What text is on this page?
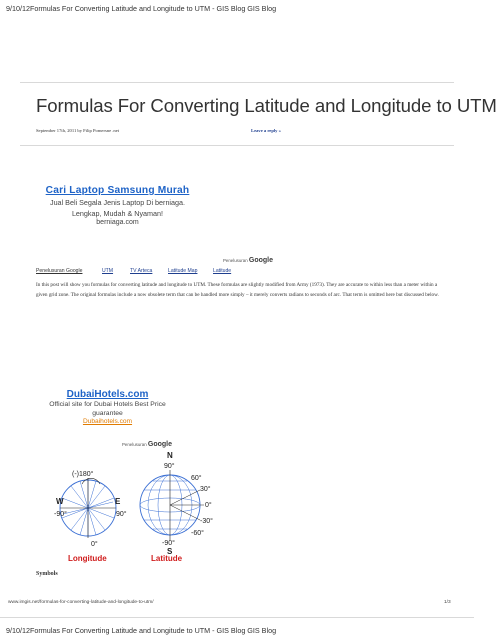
9/10/12Formulas For Converting Latitude and Longitude to UTM - GIS Blog GIS Blog
Formulas For Converting Latitude and Longitude to UTM
September 17th, 2011 by Filip Pomersne .net	Leave a reply »
Cari Laptop Samsung Murah
Jual Beli Segala Jenis Laptop Di berniaga.
Lengkap, Mudah & Nyaman!
berniaga.com
Penelusuran Google
Penelusuran Google	UTM	TV Arteca	Latitude Map	Latitude
In this post will show you formulas for converting latitude and longitude to UTM. These formulas are slightly modified from Army (1973). They are accurate to within less than a meter within a given grid zone. The original formulas include a now obsolete term that can be handled more simply – it merely converts radians to seconds of arc. That term is omitted here but discussed below.
DubaiHotels.com
Official site for Dubai Hotels Best Price
guarantee
Dubaihotels.com
Penelusuran Google
(-)180°
W	E
-90°	90°
0°
Longitude
N
90°
60°
30°
0°
-30°
-60°
-90°
S
Latitude
Symbols
www.imgis.net/formulas-for-converting-latitude-and-longitude-to-utm/	1/3
9/10/12Formulas For Converting Latitude and Longitude to UTM - GIS Blog GIS Blog
